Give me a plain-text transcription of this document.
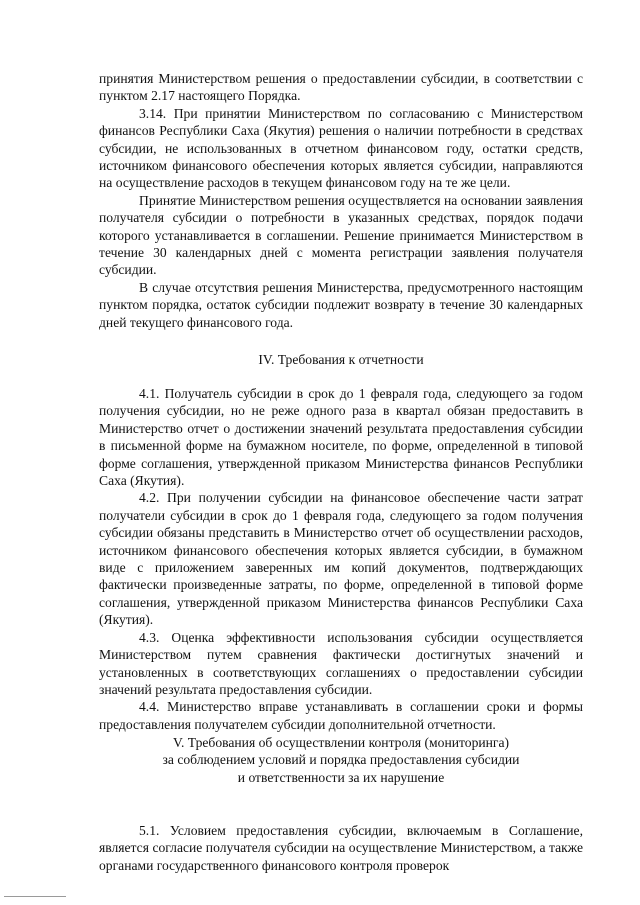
принятия Министерством решения о предоставлении субсидии, в соответствии с пунктом 2.17 настоящего Порядка.

3.14. При принятии Министерством по согласованию с Министерством финансов Республики Саха (Якутия) решения о наличии потребности в средствах субсидии, не использованных в отчетном финансовом году, остатки средств, источником финансового обеспечения которых является субсидии, направляются на осуществление расходов в текущем финансовом году на те же цели.

Принятие Министерством решения осуществляется на основании заявления получателя субсидии о потребности в указанных средствах, порядок подачи которого устанавливается в соглашении. Решение принимается Министерством в течение 30 календарных дней с момента регистрации заявления получателя субсидии.

В случае отсутствия решения Министерства, предусмотренного настоящим пунктом порядка, остаток субсидии подлежит возврату в течение 30 календарных дней текущего финансового года.

IV. Требования к отчетности

4.1. Получатель субсидии в срок до 1 февраля года, следующего за годом получения субсидии, но не реже одного раза в квартал обязан предоставить в Министерство отчет о достижении значений результата предоставления субсидии в письменной форме на бумажном носителе, по форме, определенной в типовой форме соглашения, утвержденной приказом Министерства финансов Республики Саха (Якутия).

4.2. При получении субсидии на финансовое обеспечение части затрат получатели субсидии в срок до 1 февраля года, следующего за годом получения субсидии обязаны представить в Министерство отчет об осуществлении расходов, источником финансового обеспечения которых является субсидии, в бумажном виде с приложением заверенных им копий документов, подтверждающих фактически произведенные затраты, по форме, определенной в типовой форме соглашения, утвержденной приказом Министерства финансов Республики Саха (Якутия).

4.3. Оценка эффективности использования субсидии осуществляется Министерством путем сравнения фактически достигнутых значений и установленных в соответствующих соглашениях о предоставлении субсидии значений результата предоставления субсидии.

4.4. Министерство вправе устанавливать в соглашении сроки и формы предоставления получателем субсидии дополнительной отчетности.

V. Требования об осуществлении контроля (мониторинга)
за соблюдением условий и порядка предоставления субсидии
и ответственности за их нарушение

5.1. Условием предоставления субсидии, включаемым в Соглашение, является согласие получателя субсидии на осуществление Министерством, а также органами государственного финансового контроля проверок
